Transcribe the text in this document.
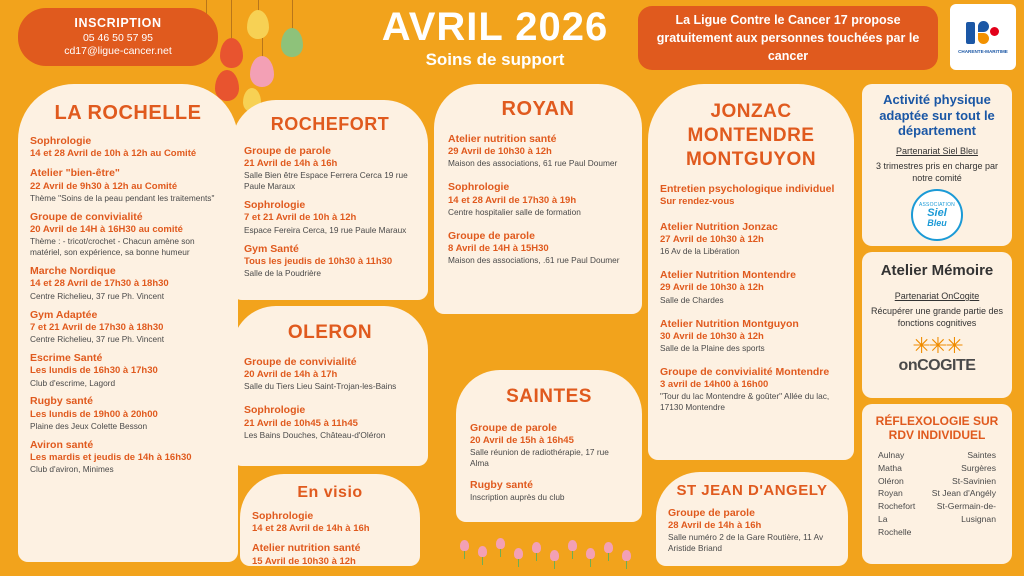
INSCRIPTION
05 46 50 57 95
cd17@ligue-cancer.net
AVRIL 2026
Soins de support
La Ligue Contre le Cancer 17 propose gratuitement aux personnes touchées par le cancer	CHARENTE-MARITIME
LA ROCHELLE
Sophrologie
14 et 28 Avril de 10h à 12h au Comité
Atelier "bien-être"
22 Avril de 9h30 à 12h au Comité
Thème "Soins de la peau pendant les traitements"
Groupe de convivialité
20 Avril de 14H à 16H30 au comité
Thème : - tricot/crochet - Chacun amène son matériel, son expérience, sa bonne humeur
Marche Nordique
14 et 28 Avril de 17h30 à 18h30
Centre Richelieu, 37 rue Ph. Vincent
Gym Adaptée
7 et 21 Avril de 17h30 à 18h30
Centre Richelieu, 37 rue Ph. Vincent
Escrime Santé
Les lundis de 16h30 à 17h30
Club d'escrime, Lagord
Rugby santé
Les lundis de 19h00 à 20h00
Plaine des Jeux Colette Besson
Aviron santé
Les mardis et jeudis de 14h à 16h30
Club d'aviron, Minimes
ROCHEFORT
Groupe de parole
21 Avril de 14h à 16h
Salle Bien être Espace Ferrera Cerca 19 rue Paule Maraux
Sophrologie
7 et 21 Avril de 10h à 12h
Espace Fereira Cerca, 19 rue Paule Maraux
Gym Santé
Tous les jeudis de 10h30 à 11h30
Salle de la Poudrière
OLERON
Groupe de convivialité
20 Avril de 14h à 17h
Salle du Tiers Lieu Saint-Trojan-les-Bains
Sophrologie
21 Avril de 10h45 à 11h45
Les Bains Douches, Château-d'Oléron
En visio
Sophrologie
14 et 28 Avril de 14h à 16h
Atelier nutrition santé
15 Avril de 10h30 à 12h
ROYAN
Atelier nutrition santé
29 Avril de 10h30 à 12h
Maison des associations, 61 rue Paul Doumer
Sophrologie
14 et 28 Avril de 17h30 à 19h
Centre hospitalier salle de formation
Groupe de parole
8 Avril de 14H à 15H30
Maison des associations, .61 rue Paul Doumer
SAINTES
Groupe de parole
20 Avril de 15h à 16h45
Salle réunion de radiothérapie, 17 rue Alma
Rugby santé
Inscription auprès du club
JONZAC MONTENDRE MONTGUYON
Entretien psychologique individuel
Sur rendez-vous
Atelier Nutrition Jonzac
27 Avril de 10h30 à 12h
16 Av de la Libération
Atelier Nutrition Montendre
29 Avril de 10h30 à 12h
Salle de Chardes
Atelier Nutrition Montguyon
30 Avril de 10h30 à 12h
Salle de la Plaine des sports
Groupe de convivialité Montendre
3 avril de 14h00 à 16h00
"Tour du lac Montendre & goûter" Allée du lac, 17130 Montendre
ST JEAN D'ANGELY
Groupe de parole
28 Avril de 14h à 16h
Salle numéro 2 de la Gare Routière, 11 Av Aristide Briand
Activité physique adaptée sur tout le département
Partenariat Siel Bleu
3 trimestres pris en charge par notre comité
ASSOCIATION
Siel
Bleu
Atelier Mémoire
Partenariat OnCogite
Récupérer une grande partie des fonctions cognitives
✳✳✳
onCOGITE
RÉFLEXOLOGIE SUR RDV INDIVIDUEL
Aulnay
Matha
Oléron
Royan
Rochefort
La Rochelle
Saintes
Surgères
St-Savinien
St Jean d'Angély
St-Germain-de-Lusignan
